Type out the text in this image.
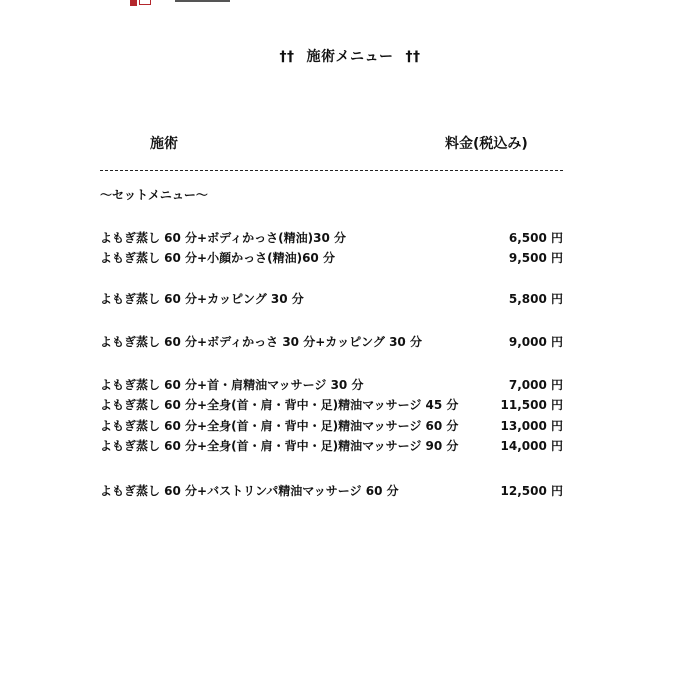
†† 施術メニュー ††
施術	料金(税込み)
〜セットメニュー〜
よもぎ蒸し 60 分+ボディかっさ(精油)30 分	6,500 円
よもぎ蒸し 60 分+小顔かっさ(精油)60 分	9,500 円
よもぎ蒸し 60 分+カッピング 30 分	5,800 円
よもぎ蒸し 60 分+ボディかっさ 30 分+カッピング 30 分	9,000 円
よもぎ蒸し 60 分+首・肩精油マッサージ 30 分	7,000 円
よもぎ蒸し 60 分+全身(首・肩・背中・足)精油マッサージ 45 分	11,500 円
よもぎ蒸し 60 分+全身(首・肩・背中・足)精油マッサージ 60 分	13,000 円
よもぎ蒸し 60 分+全身(首・肩・背中・足)精油マッサージ 90 分	14,000 円
よもぎ蒸し 60 分+バストリンパ精油マッサージ 60 分	12,500 円
